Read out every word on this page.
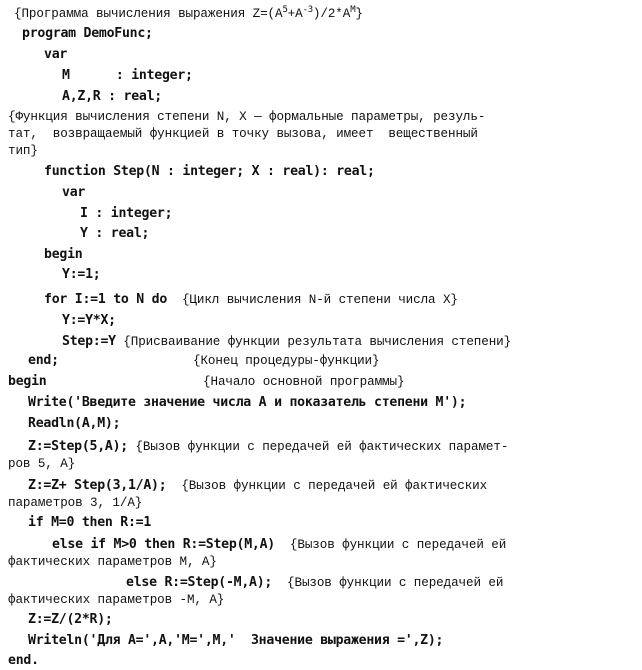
{Программа вычисления выражения $Z=(A^5+A^{-3})/2*A^M$}
program DemoFunc;
var
M      : integer;
A,Z,R : real;
{Функция вычисления степени N, X — формальные параметры, резуль-
тат,  возвращаемый функцией в точку вызова, имеет  вещественный
тип}
function Step(N : integer; X : real): real;
var
I : integer;
Y : real;
begin
Y:=1;
for I:=1 to N do  {Цикл вычисления N-й степени числа X}
Y:=Y*X;
Step:=Y {Присваивание функции результата вычисления степени}
end;                  {Конец процедуры-функции}
begin                     {Начало основной программы}
Write('Введите значение числа A и показатель степени M');
Readln(A,M);
Z:=Step(5,A); {Вызов функции с передачей ей фактических парамет-
ров 5, A}
Z:=Z+ Step(3,1/A);  {Вызов функции с передачей ей фактических
параметров 3, 1/A}
if M=0 then R:=1
else if M>0 then R:=Step(M,A)  {Вызов функции с передачей ей
фактических параметров M, A}
else R:=Step(-M,A);  {Вызов функции с передачей ей
фактических параметров -M, A}
Z:=Z/(2*R);
Writeln('Для A=',A,'M=',M,'  Значение выражения =',Z);
end.
